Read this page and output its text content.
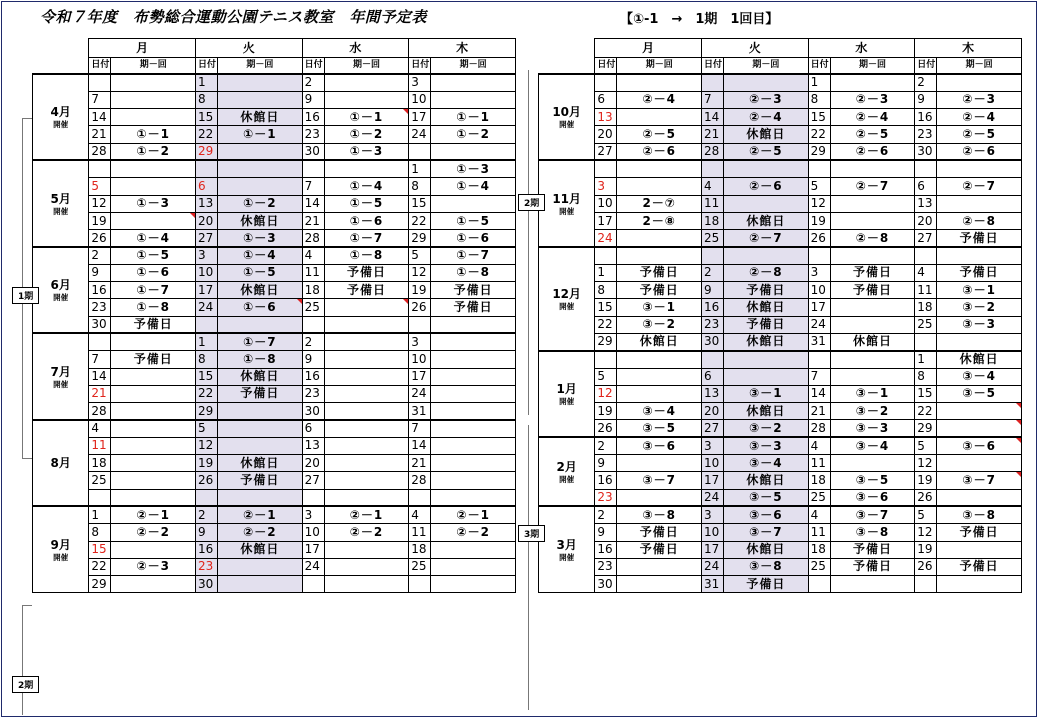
令和７年度　布勢総合運動公園テニス教室　年間予定表	【①-1　→　1期　1回目】
	月		火		水		木	
	日付	期－回	日付	期－回	日付	期－回	日付	期－回
4月
開催			1		2		3	
	7		8		9		10	
	14		15	休館日	16	①－1	17	①－1
	21	①－1	22	①－1	23	①－2	24	①－2
	28	①－2	29		30	①－3		
5月
開催							1	①－3
	5		6		7	①－4	8	①－4
	12	①－3	13	①－2	14	①－5	15	
	19		20	休館日	21	①－6	22	①－5
	26	①－4	27	①－3	28	①－7	29	①－6
6月
開催	2	①－5	3	①－4	4	①－8	5	①－7
	9	①－6	10	①－5	11	予備日	12	①－8
	16	①－7	17	休館日	18	予備日	19	予備日
	23	①－8	24	①－6	25		26	予備日
	30	予備日						
7月
開催			1	①－7	2		3	
	7	予備日	8	①－8	9		10	
	14		15	休館日	16		17	
	21		22	予備日	23		24	
	28		29		30		31	
8月	4		5		6		7	
	11		12		13		14	
	18		19	休館日	20		21	
	25		26	予備日	27		28	

9月
開催	1	②－1	2	②－1	3	②－1	4	②－1
	8	②－2	9	②－2	10	②－2	11	②－2
	15		16	休館日	17		18	
	22	②－3	23		24		25	
	29		30					
	月		火		水		木	
	日付	期－回	日付	期－回	日付	期－回	日付	期－回
10月
開催					1		2	
	6	②－4	7	②－3	8	②－3	9	②－3
	13		14	②－4	15	②－4	16	②－4
	20	②－5	21	休館日	22	②－5	23	②－5
	27	②－6	28	②－5	29	②－6	30	②－6
11月
開催								

	3		4	②－6	5	②－7	6	②－7
	10	2－⑦	11		12		13	
	17	2－⑧	18	休館日	19		20	②－8
	24		25	②－7	26	②－8	27	予備日
12月
開催								

	1	予備日	2	②－8	3	予備日	4	予備日
	8	予備日	9	予備日	10	予備日	11	③－1
	15	③－1	16	休館日	17		18	③－2
	22	③－2	23	予備日	24		25	③－3
	29	休館日	30	休館日	31	休館日		
1月
開催							1	休館日
	5		6		7		8	③－4
	12		13	③－1	14	③－1	15	③－5
	19	③－4	20	休館日	21	③－2	22	
	26	③－5	27	③－2	28	③－3	29	
2月
開催	2	③－6	3	③－3	4	③－4	5	③－6
	9		10	③－4	11		12	
	16	③－7	17	休館日	18	③－5	19	③－7
	23		24	③－5	25	③－6	26	
3月
開催	2	③－8	3	③－6	4	③－7	5	③－8
	9	予備日	10	③－7	11	③－8	12	予備日
	16	予備日	17	休館日	18	予備日	19	
	23		24	③－8	25	予備日	26	予備日
	30		31	予備日				
1期
2期
2期
3期
